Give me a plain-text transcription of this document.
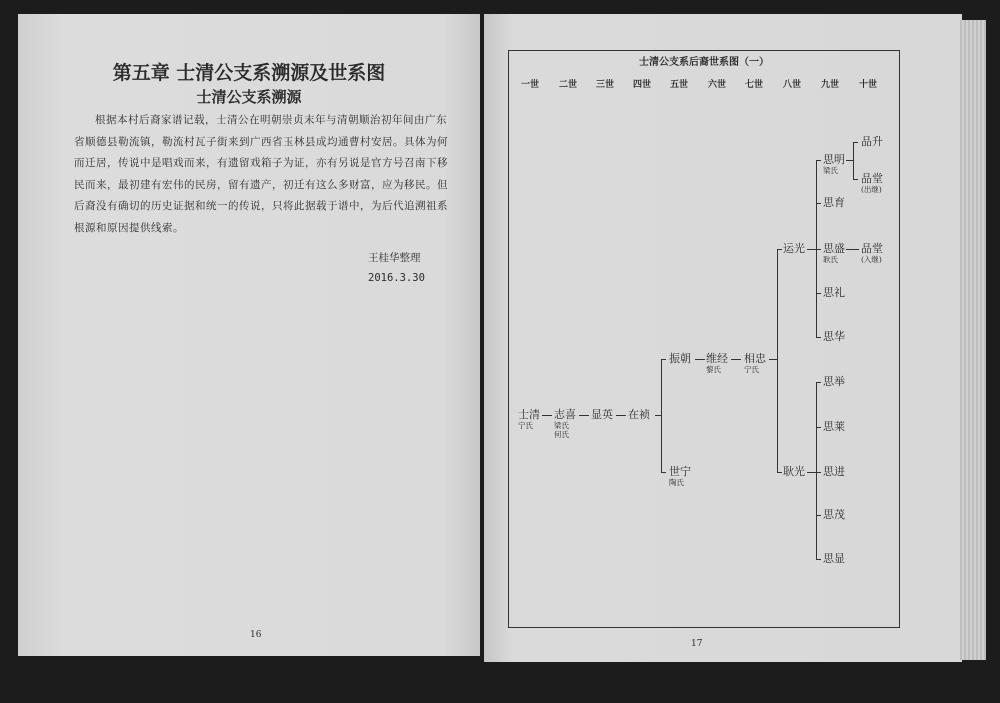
第五章 士清公支系溯源及世系图
士清公支系溯源

根据本村后裔家谱记载，士清公在明朝崇贞末年与清朝顺治初年间由广东省顺德县勒流镇，勒流村瓦子街来到广西省玉林县成均通曹村安居。具体为何而迁居，传说中是唱戏而来，有遗留戏箱子为证，亦有另说是官方号召南下移民而来，最初建有宏伟的民房，留有遗产，初迁有这么多财富，应为移民。但后裔没有确切的历史证据和统一的传说，只将此据载于谱中，为后代追溯祖系根源和原因提供线索。

王桂华整理
2016.3.30
16
士清公支系后裔世系图（一）
一世 二世 三世 四世 五世 六世 七世 八世 九世 十世
士清
宁氏
志喜
梁氏
何氏
显英 在祯
振朝 维经
黎氏
相忠
宁氏
世宁
陶氏
运光
耿光
思明
梁氏
思育
思盛
耿氏
思礼
思华
思举
思莱
思进
思茂
思显
品升
品堂
(出继)
品堂
(入继)
17
